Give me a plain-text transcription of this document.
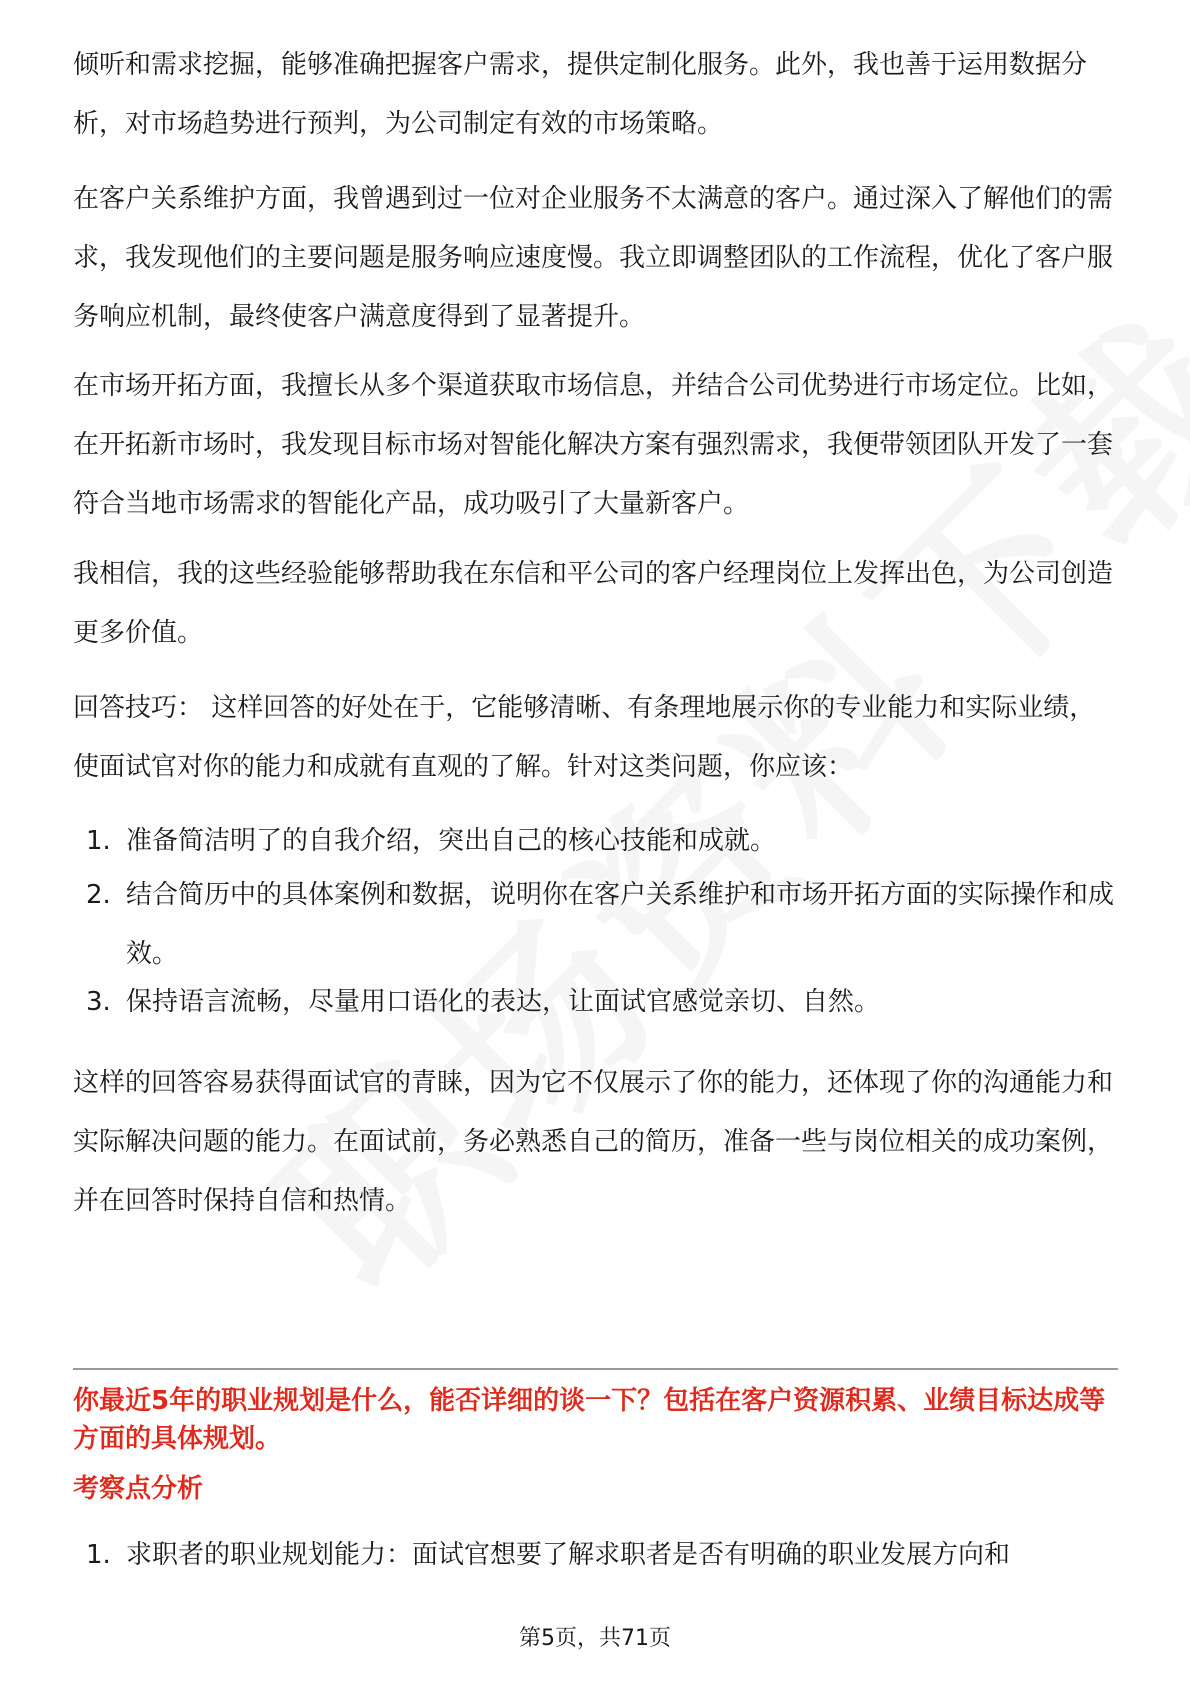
倾听和需求挖掘，能够准确把握客户需求，提供定制化服务。此外，我也善于运用数据分析，对市场趋势进行预判，为公司制定有效的市场策略。

在客户关系维护方面，我曾遇到过一位对企业服务不太满意的客户。通过深入了解他们的需求，我发现他们的主要问题是服务响应速度慢。我立即调整团队的工作流程，优化了客户服务响应机制，最终使客户满意度得到了显著提升。

在市场开拓方面，我擅长从多个渠道获取市场信息，并结合公司优势进行市场定位。比如，在开拓新市场时，我发现目标市场对智能化解决方案有强烈需求，我便带领团队开发了一套符合当地市场需求的智能化产品，成功吸引了大量新客户。

我相信，我的这些经验能够帮助我在东信和平公司的客户经理岗位上发挥出色，为公司创造更多价值。

回答技巧： 这样回答的好处在于，它能够清晰、有条理地展示你的专业能力和实际业绩，使面试官对你的能力和成就有直观的了解。针对这类问题，你应该：

1. 准备简洁明了的自我介绍，突出自己的核心技能和成就。
2. 结合简历中的具体案例和数据，说明你在客户关系维护和市场开拓方面的实际操作和成效。
3. 保持语言流畅，尽量用口语化的表达，让面试官感觉亲切、自然。

这样的回答容易获得面试官的青睐，因为它不仅展示了你的能力，还体现了你的沟通能力和实际解决问题的能力。在面试前，务必熟悉自己的简历，准备一些与岗位相关的成功案例，并在回答时保持自信和热情。

你最近5年的职业规划是什么，能否详细的谈一下？包括在客户资源积累、业绩目标达成等方面的具体规划。

考察点分析

1. 求职者的职业规划能力：面试官想要了解求职者是否有明确的职业发展方向和
第5页，共71页
